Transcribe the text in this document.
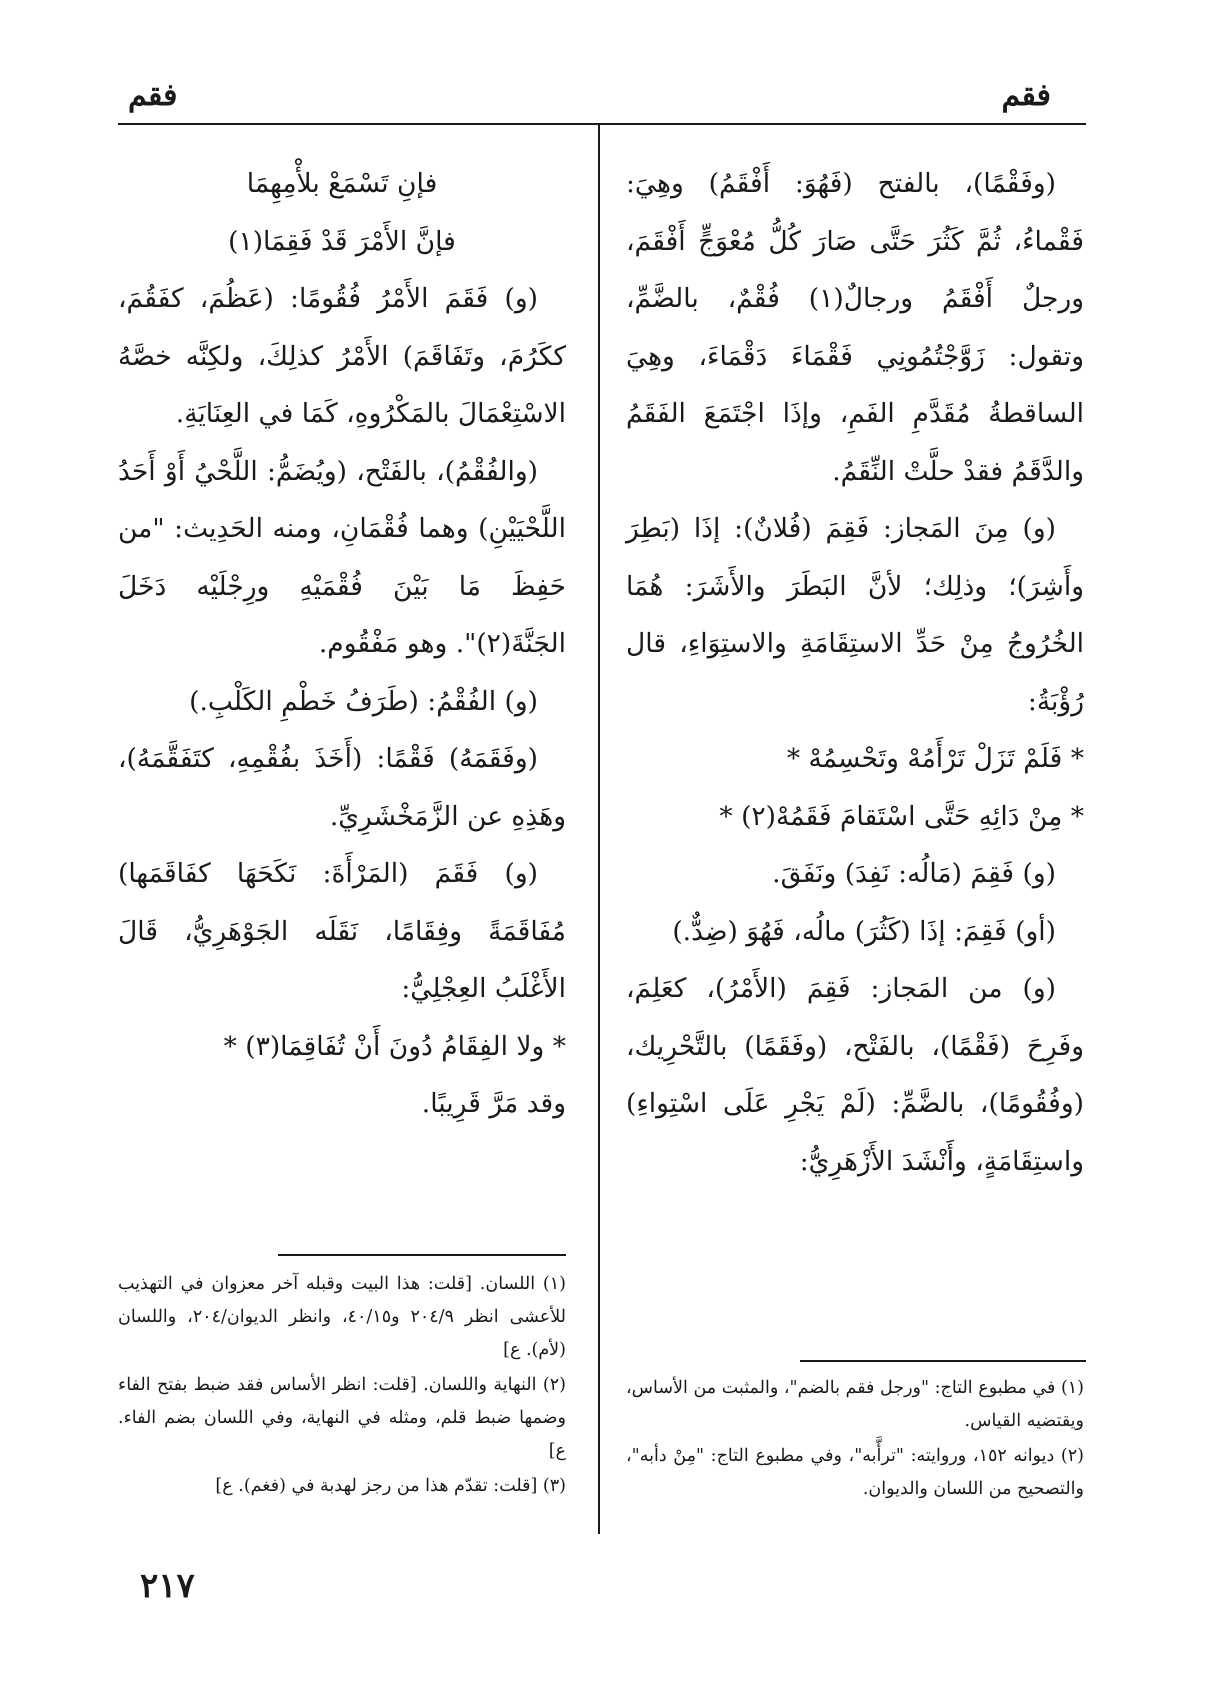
فقم
فقم

(وفَقْمًا)، بالفتح (فَهُوَ: أَفْقَمُ) وهِيَ: فَقْماءُ، ثُمَّ كَثُرَ حَتَّى صَارَ كُلُّ مُعْوَجٍّ أَفْقَمَ، ورجلٌ أَفْقَمُ ورجالٌ(١) فُقْمٌ، بالضَّمِّ، وتقول: زَوَّجْتُمُونِي فَقْمَاءَ دَقْمَاءَ، وهِيَ الساقطةُ مُقَدَّمِ الفَمِ، وإذَا اجْتَمَعَ الفَقَمُ والدَّقَمُ فقدْ حلَّتْ النِّقَمُ.

(و) مِنَ المَجاز: فَقِمَ (فُلانٌ): إذَا (بَطِرَ وأَشِرَ)؛ وذلِك؛ لأنَّ البَطَرَ والأَشَرَ: هُمَا الخُرُوجُ مِنْ حَدِّ الاستِقَامَةِ والاستِوَاءِ، قال رُؤْبَةُ:

* فَلَمْ تَزَلْ تَرْأَمُهْ وتَحْسِمُهْ *

* مِنْ دَائِهِ حَتَّى اسْتَقامَ فَقَمُهْ(٢) *

(و) فَقِمَ (مَالُه: نَفِدَ) ونَفَقَ.

(أو) فَقِمَ: إذَا (كَثُرَ) مالُه، فَهُوَ (ضِدٌّ.)

(و) من المَجاز: فَقِمَ (الأَمْرُ)، كعَلِمَ، وفَرِحَ (فَقْمًا)، بالفَتْح، (وفَقَمًا) بالتَّحْرِيك، (وفُقُومًا)، بالضَّمِّ: (لَمْ يَجْرِ عَلَى اسْتِواءِ) واستِقَامَةٍ، وأَنْشَدَ الأَزْهَرِيُّ:

(١) في مطبوع التاج: "ورجل فقم بالضم"، والمثبت من الأساس، ويقتضيه القياس.

(٢) ديوانه ١٥٢، وروايته: "ترأَّبه"، وفي مطبوع التاج: "مِنْ دأبه"، والتصحيح من اللسان والديوان.

فإنِ تَسْمَعْ بلأْمِهِمَا

فإنَّ الأَمْرَ قَدْ فَقِمَا(١)

(و) فَقَمَ الأَمْرُ فُقُومًا: (عَظُمَ، كفَقُمَ، ككَرُمَ، وتَفَاقَمَ) الأَمْرُ كذلِكَ، ولكِنَّه خصَّهُ الاسْتِعْمَالَ بالمَكْرُوهِ، كَمَا في العِنَايَةِ.

(والفُقْمُ)، بالفَتْح، (ويُضَمُّ: اللَّحْيُ أَوْ أَحَدُ اللَّحْيَيْنِ) وهما فُقْمَانِ، ومنه الحَدِيث: "من حَفِظَ مَا بَيْنَ فُقْمَيْهِ ورِجْلَيْه دَخَلَ الجَنَّةَ(٢)". وهو مَفْقُوم.

(و) الفُقْمُ: (طَرَفُ خَطْمِ الكَلْبِ.)

(وفَقَمَهُ) فَقْمًا: (أَخَذَ بفُقْمِهِ، كتَفَقَّمَهُ)، وهَذِهِ عن الزَّمَخْشَرِيِّ.

(و) فَقَمَ (المَرْأَةَ: نَكَحَهَا كفَاقَمَها) مُفَاقَمَةً وفِقَامًا، نَقَلَه الجَوْهَرِيُّ، قَالَ الأَغْلَبُ العِجْلِيُّ:

* ولا الفِقَامُ دُونَ أَنْ تُفَاقِمَا(٣) *

وقد مَرَّ قَرِيبًا.

(١) اللسان. [قلت: هذا البيت وقبله آخر معزوان في التهذيب للأعشى انظر ٢٠٤/٩ و٤٠/١٥، وانظر الديوان/٢٠٤، واللسان (لأم). ع]

(٢) النهاية واللسان. [قلت: انظر الأساس فقد ضبط بفتح الفاء وضمها ضبط قلم، ومثله في النهاية، وفي اللسان بضم الفاء. ع]

(٣) [قلت: تقدّم هذا من رجز لهدبة في (فغم). ع]

٢١٧
